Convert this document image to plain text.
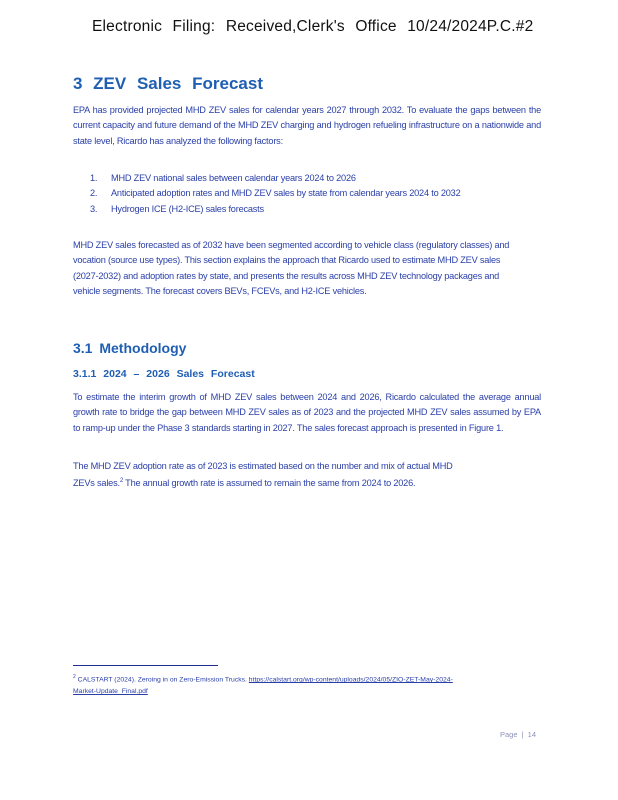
Electronic Filing: Received,Clerk's Office 10/24/2024P.C.#2
3 ZEV Sales Forecast
EPA has provided projected MHD ZEV sales for calendar years 2027 through 2032. To evaluate the gaps between the current capacity and future demand of the MHD ZEV charging and hydrogen refueling infrastructure on a nationwide and state level, Ricardo has analyzed the following factors:
1. MHD ZEV national sales between calendar years 2024 to 2026
2. Anticipated adoption rates and MHD ZEV sales by state from calendar years 2024 to 2032
3. Hydrogen ICE (H2-ICE) sales forecasts
MHD ZEV sales forecasted as of 2032 have been segmented according to vehicle class (regulatory classes) and vocation (source use types). This section explains the approach that Ricardo used to estimate MHD ZEV sales (2027-2032) and adoption rates by state, and presents the results across MHD ZEV technology packages and vehicle segments. The forecast covers BEVs, FCEVs, and H2-ICE vehicles.
3.1 Methodology
3.1.1 2024 – 2026 Sales Forecast
To estimate the interim growth of MHD ZEV sales between 2024 and 2026, Ricardo calculated the average annual growth rate to bridge the gap between MHD ZEV sales as of 2023 and the projected MHD ZEV sales assumed by EPA to ramp-up under the Phase 3 standards starting in 2027. The sales forecast approach is presented in Figure 1.
The MHD ZEV adoption rate as of 2023 is estimated based on the number and mix of actual MHD ZEVs sales.$^2$ The annual growth rate is assumed to remain the same from 2024 to 2026.
$^2$ CALSTART (2024). Zeroing in on Zero-Emission Trucks. https://calstart.org/wp-content/uploads/2024/05/ZIO-ZET-May-2024-Market-Update_Final.pdf
Page | 14
